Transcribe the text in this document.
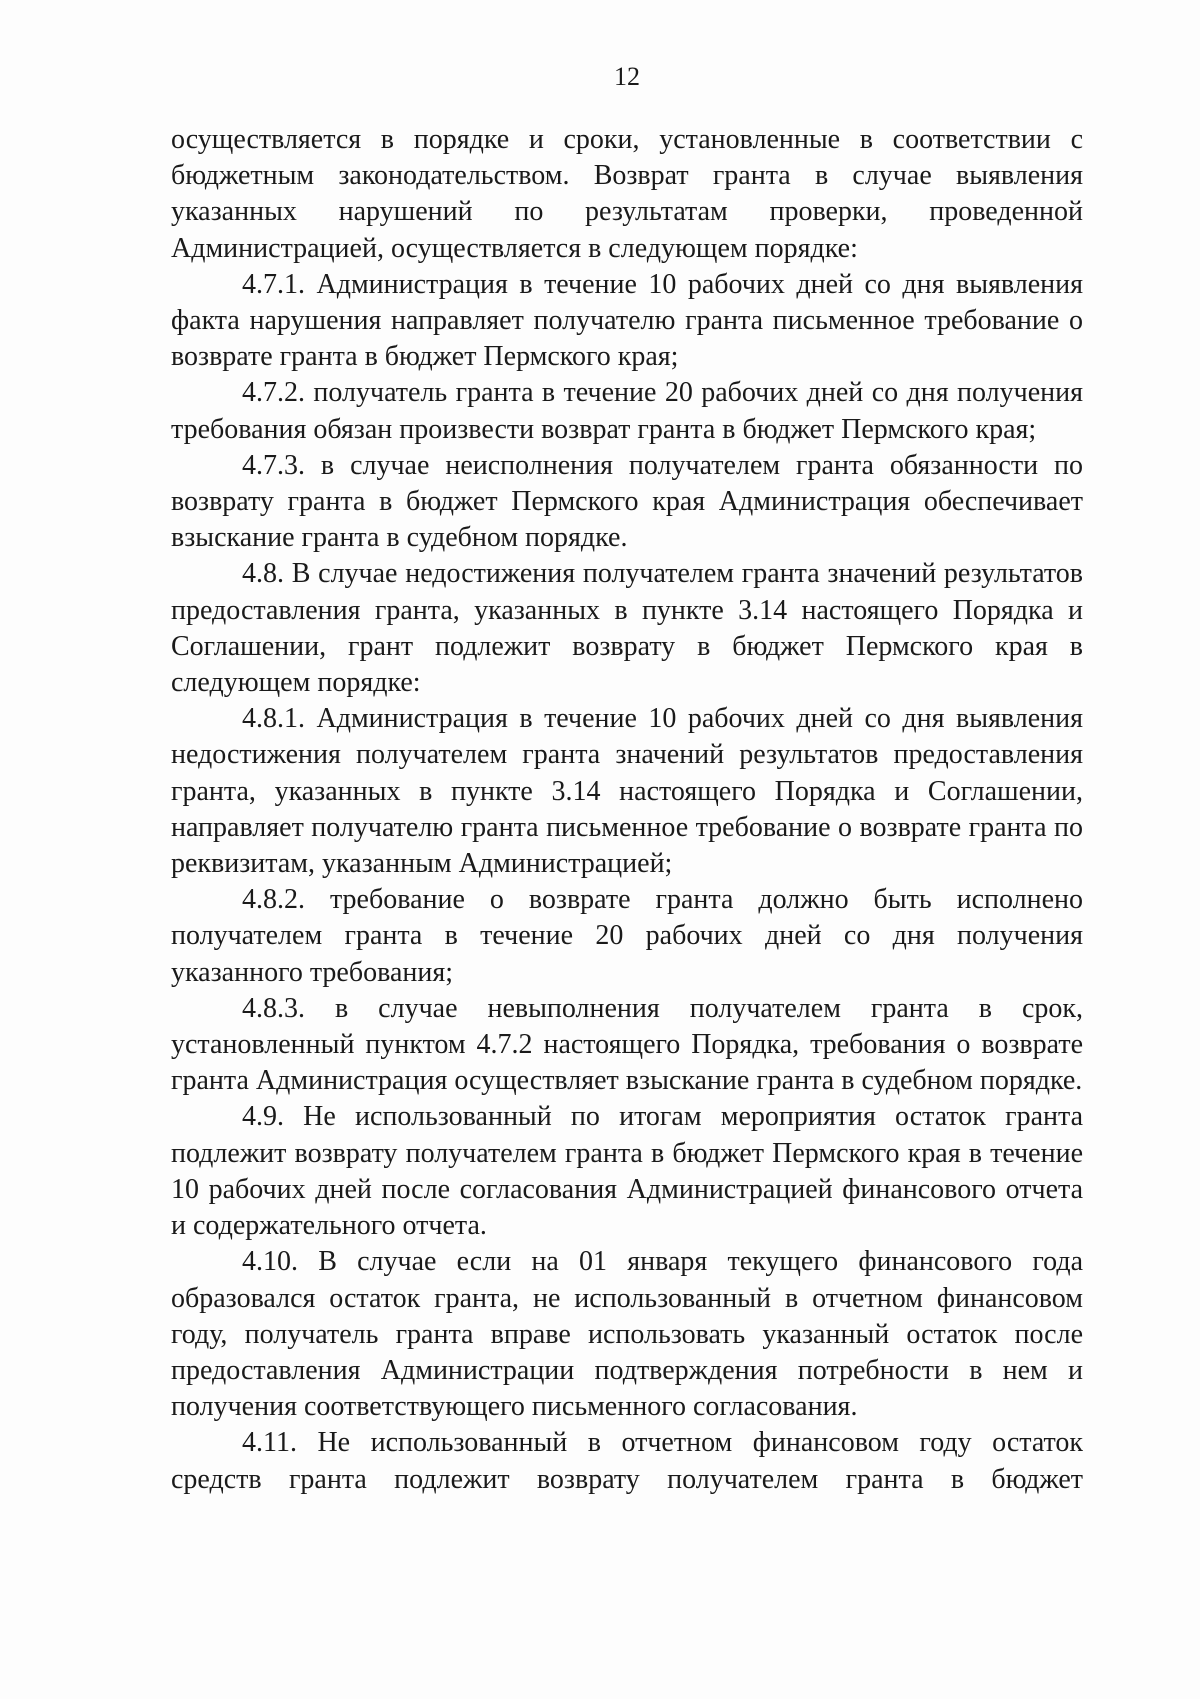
12

осуществляется в порядке и сроки, установленные в соответствии с бюджетным законодательством. Возврат гранта в случае выявления указанных нарушений по результатам проверки, проведенной Администрацией, осуществляется в следующем порядке:

4.7.1. Администрация в течение 10 рабочих дней со дня выявления факта нарушения направляет получателю гранта письменное требование о возврате гранта в бюджет Пермского края;

4.7.2. получатель гранта в течение 20 рабочих дней со дня получения требования обязан произвести возврат гранта в бюджет Пермского края;

4.7.3. в случае неисполнения получателем гранта обязанности по возврату гранта в бюджет Пермского края Администрация обеспечивает взыскание гранта в судебном порядке.

4.8. В случае недостижения получателем гранта значений результатов предоставления гранта, указанных в пункте 3.14 настоящего Порядка и Соглашении, грант подлежит возврату в бюджет Пермского края в следующем порядке:

4.8.1. Администрация в течение 10 рабочих дней со дня выявления недостижения получателем гранта значений результатов предоставления гранта, указанных в пункте 3.14 настоящего Порядка и Соглашении, направляет получателю гранта письменное требование о возврате гранта по реквизитам, указанным Администрацией;

4.8.2. требование о возврате гранта должно быть исполнено получателем гранта в течение 20 рабочих дней со дня получения указанного требования;

4.8.3. в случае невыполнения получателем гранта в срок, установленный пунктом 4.7.2 настоящего Порядка, требования о возврате гранта Администрация осуществляет взыскание гранта в судебном порядке.

4.9. Не использованный по итогам мероприятия остаток гранта подлежит возврату получателем гранта в бюджет Пермского края в течение 10 рабочих дней после согласования Администрацией финансового отчета и содержательного отчета.

4.10. В случае если на 01 января текущего финансового года образовался остаток гранта, не использованный в отчетном финансовом году, получатель гранта вправе использовать указанный остаток после предоставления Администрации подтверждения потребности в нем и получения соответствующего письменного согласования.

4.11. Не использованный в отчетном финансовом году остаток средств гранта подлежит возврату получателем гранта в бюджет
